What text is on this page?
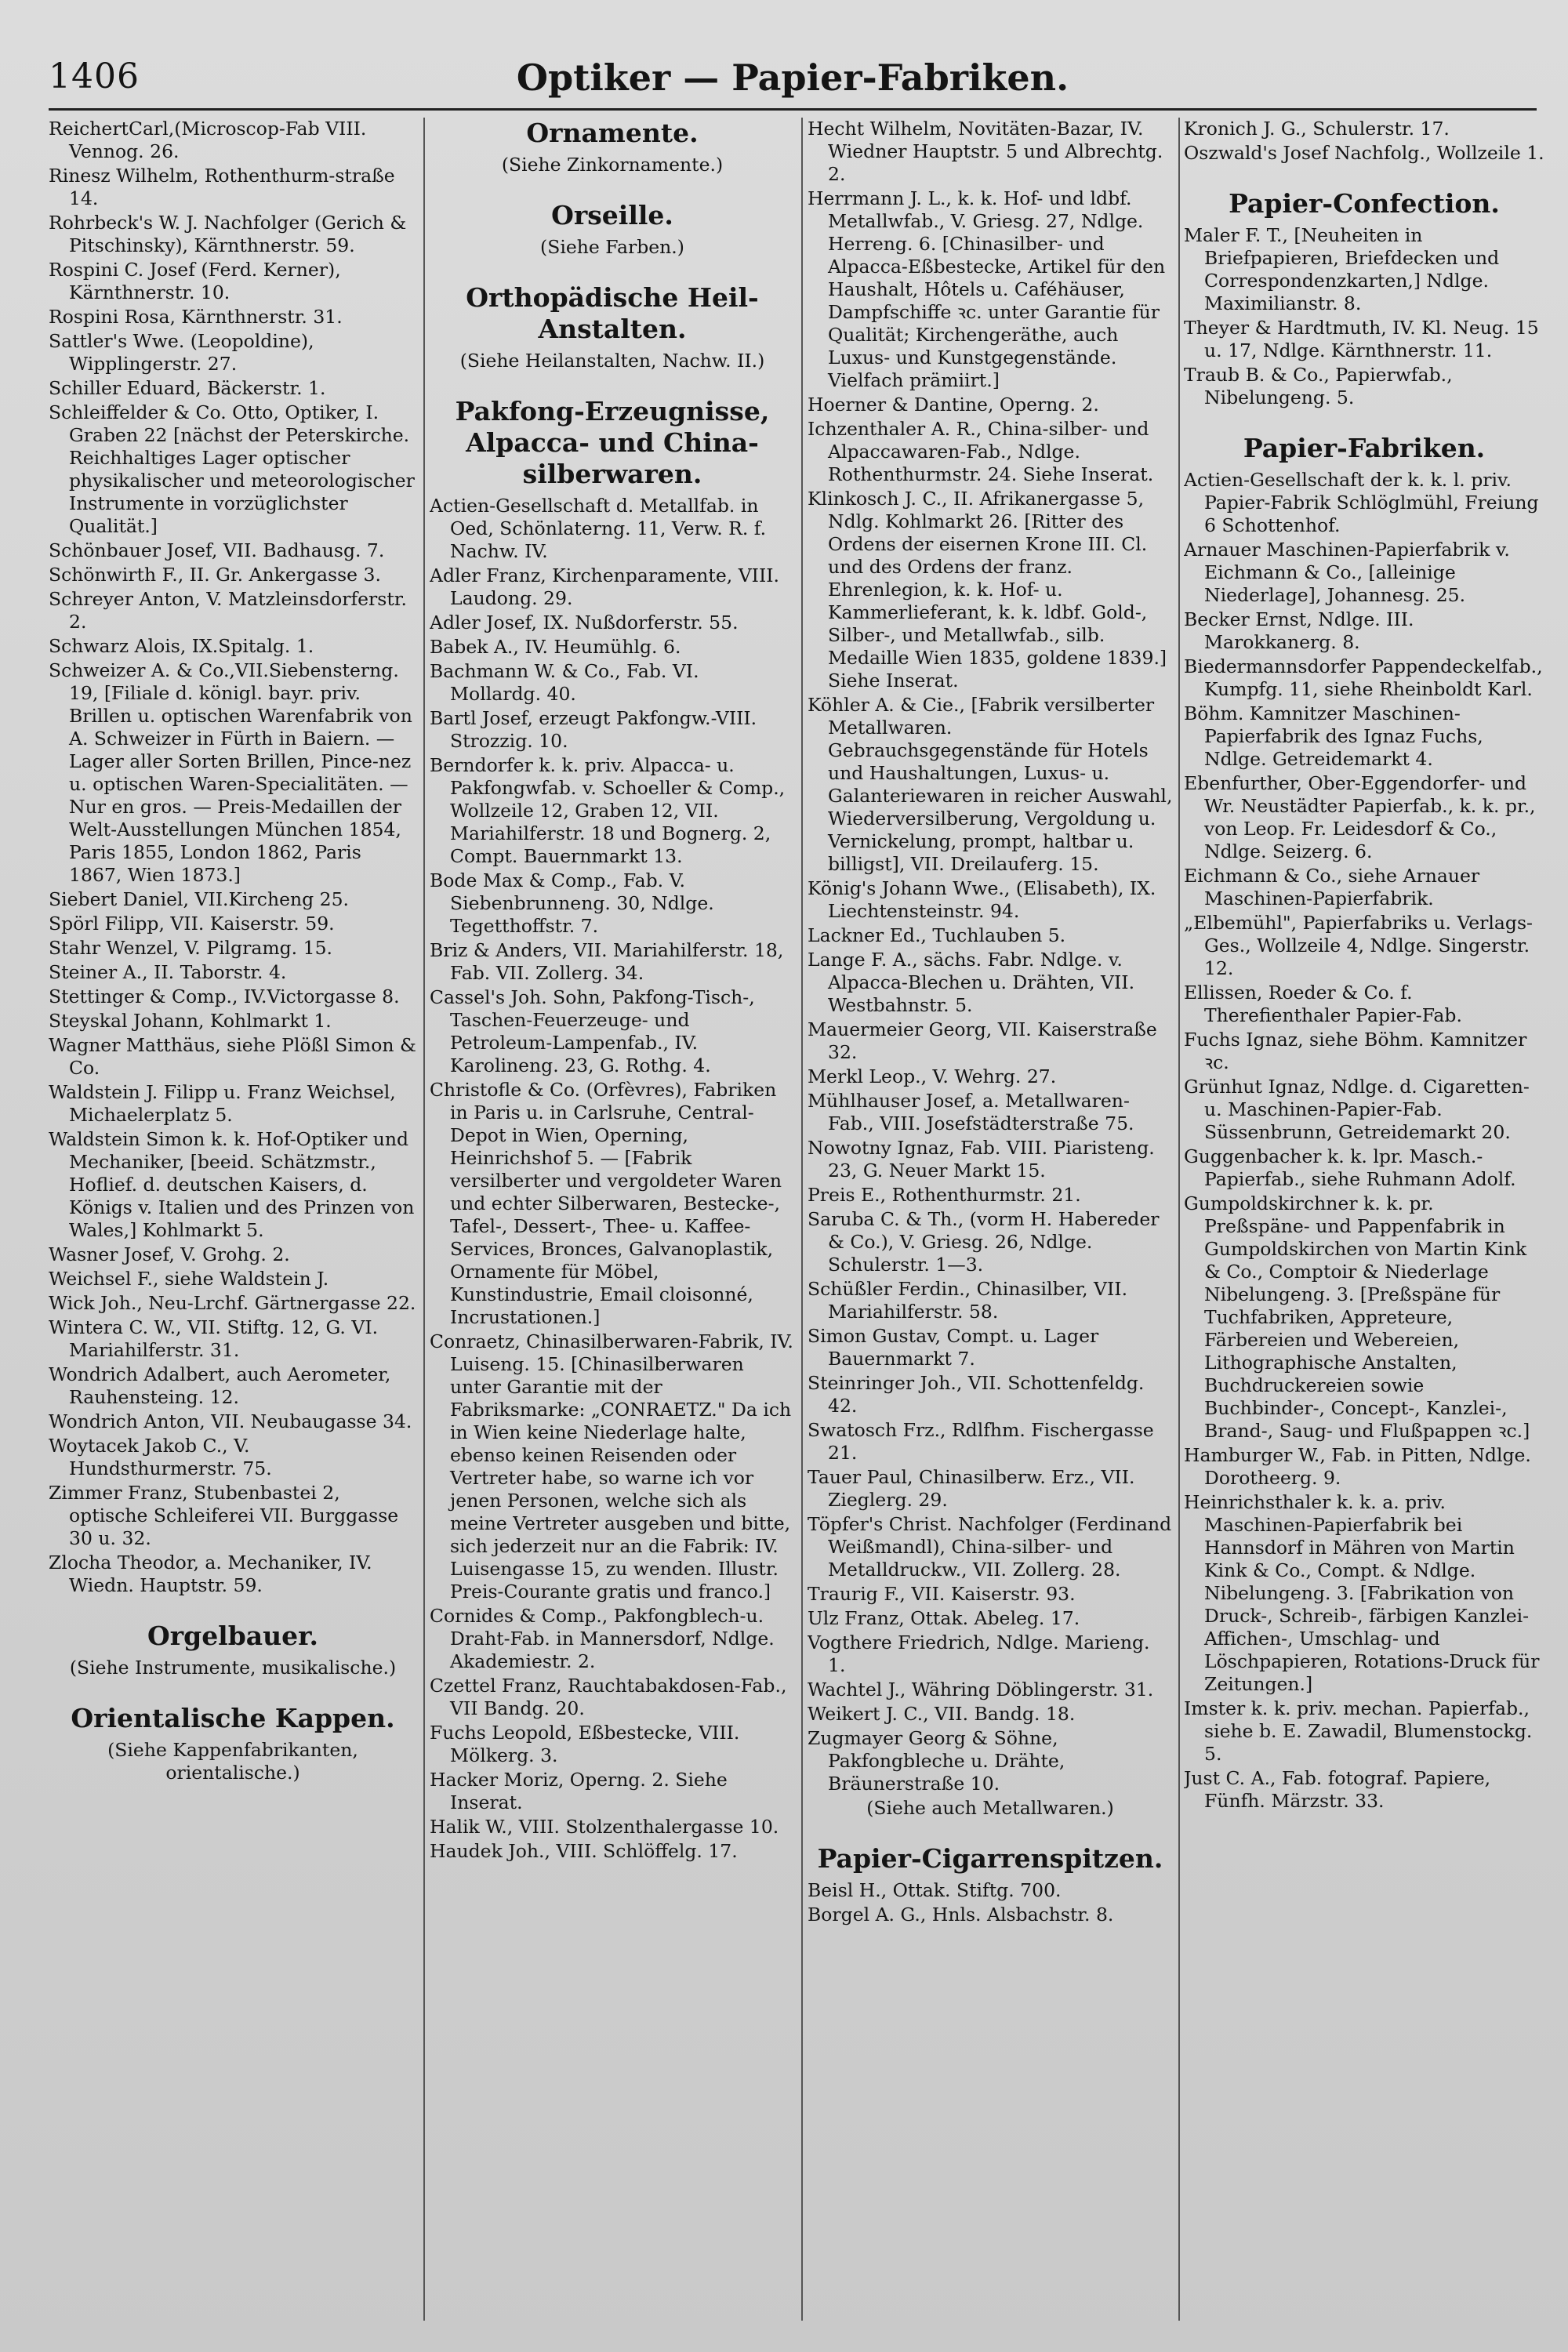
1406	Optiker — Papier-Fabriken.
ReichertCarl,(Microscop-Fab VIII. Vennog. 26.
Rinesz Wilhelm, Rothenthurm-straße 14.
Rohrbeck's W. J. Nachfolger (Gerich & Pitschinsky), Kärnthnerstr. 59.
Rospini C. Josef (Ferd. Kerner), Kärnthnerstr. 10.
Rospini Rosa, Kärnthnerstr. 31.
Sattler's Wwe. (Leopoldine), Wipplingerstr. 27.
Schiller Eduard, Bäckerstr. 1.
Schleiffelder & Co. Otto, Optiker, I. Graben 22 [nächst der Peterskirche. Reichhaltiges Lager optischer physikalischer und meteorologischer Instrumente in vorzüglichster Qualität.]
Schönbauer Josef, VII. Badhausg. 7.
Schönwirth F., II. Gr. Ankergasse 3.
Schreyer Anton, V. Matzleinsdorferstr. 2.
Schwarz Alois, IX.Spitalg. 1.
Schweizer A. & Co.,VII.Siebensterng. 19, [Filiale d. königl. bayr. priv. Brillen u. optischen Warenfabrik von A. Schweizer in Fürth in Baiern. — Lager aller Sorten Brillen, Pince-nez u. optischen Waren-Specialitäten. — Nur en gros. — Preis-Medaillen der Welt-Ausstellungen München 1854, Paris 1855, London 1862, Paris 1867, Wien 1873.]
Siebert Daniel, VII.Kircheng 25.
Spörl Filipp, VII. Kaiserstr. 59.
Stahr Wenzel, V. Pilgramg. 15.
Steiner A., II. Taborstr. 4.
Stettinger & Comp., IV.Victorgasse 8.
Steyskal Johann, Kohlmarkt 1.
Wagner Matthäus, siehe Plößl Simon & Co.
Waldstein J. Filipp u. Franz Weichsel, Michaelerplatz 5.
Waldstein Simon k. k. Hof-Optiker und Mechaniker, [beeid. Schätzmstr., Hoflief. d. deutschen Kaisers, d. Königs v. Italien und des Prinzen von Wales,] Kohlmarkt 5.
Wasner Josef, V. Grohg. 2.
Weichsel F., siehe Waldstein J.
Wick Joh., Neu-Lrchf. Gärtnergasse 22.
Wintera C. W., VII. Stiftg. 12, G. VI. Mariahilferstr. 31.
Wondrich Adalbert, auch Aerometer, Rauhensteing. 12.
Wondrich Anton, VII. Neubaugasse 34.
Woytacek Jakob C., V. Hundsthurmerstr. 75.
Zimmer Franz, Stubenbastei 2, optische Schleiferei VII. Burggasse 30 u. 32.
Zlocha Theodor, a. Mechaniker, IV. Wiedn. Hauptstr. 59.
Orgelbauer.
(Siehe Instrumente, musikalische.)
Orientalische Kappen.
(Siehe Kappenfabrikanten, orientalische.)
Ornamente.
(Siehe Zinkornamente.)
Orseille.
(Siehe Farben.)
Orthopädische Heil-Anstalten.
(Siehe Heilanstalten, Nachw. II.)
Pakfong-Erzeugnisse, Alpacca- und China-silberwaren.
Actien-Gesellschaft d. Metallfab. in Oed, Schönlaterng. 11, Verw. R. f. Nachw. IV.
Adler Franz, Kirchenparamente, VIII. Laudong. 29.
Adler Josef, IX. Nußdorferstr. 55.
Babek A., IV. Heumühlg. 6.
Bachmann W. & Co., Fab. VI. Mollardg. 40.
Bartl Josef, erzeugt Pakfongw.-VIII. Strozzig. 10.
Berndorfer k. k. priv. Alpacca- u. Pakfongwfab. v. Schoeller & Comp., Wollzeile 12, Graben 12, VII. Mariahilferstr. 18 und Bognerg. 2, Compt. Bauernmarkt 13.
Bode Max & Comp., Fab. V. Siebenbrunneng. 30, Ndlge. Tegetthoffstr. 7.
Briz & Anders, VII. Mariahilferstr. 18, Fab. VII. Zollerg. 34.
Cassel's Joh. Sohn, Pakfong-Tisch-, Taschen-Feuerzeuge- und Petroleum-Lampenfab., IV. Karolineng. 23, G. Rothg. 4.
Christofle & Co. (Orfèvres), Fabriken in Paris u. in Carlsruhe, Central-Depot in Wien, Operning, Heinrichshof 5. — [Fabrik versilberter und vergoldeter Waren und echter Silberwaren, Bestecke-, Tafel-, Dessert-, Thee- u. Kaffee-Services, Bronces, Galvanoplastik, Ornamente für Möbel, Kunstindustrie, Email cloisonné, Incrustationen.]
Conraetz, Chinasilberwaren-Fabrik, IV. Luiseng. 15. [Chinasilberwaren unter Garantie mit der Fabriksmarke: „CONRAETZ." Da ich in Wien keine Niederlage halte, ebenso keinen Reisenden oder Vertreter habe, so warne ich vor jenen Personen, welche sich als meine Vertreter ausgeben und bitte, sich jederzeit nur an die Fabrik: IV. Luisengasse 15, zu wenden. Illustr. Preis-Courante gratis und franco.]
Cornides & Comp., Pakfongblech-u. Draht-Fab. in Mannersdorf, Ndlge. Akademiestr. 2.
Czettel Franz, Rauchtabakdosen-Fab., VII Bandg. 20.
Fuchs Leopold, Eßbestecke, VIII. Mölkerg. 3.
Hacker Moriz, Operng. 2. Siehe Inserat.
Halik W., VIII. Stolzenthalergasse 10.
Haudek Joh., VIII. Schlöffelg. 17.
Hecht Wilhelm, Novitäten-Bazar, IV. Wiedner Hauptstr. 5 und Albrechtg. 2.
Herrmann J. L., k. k. Hof- und ldbf. Metallwfab., V. Griesg. 27, Ndlge. Herreng. 6. [Chinasilber- und Alpacca-Eßbestecke, Artikel für den Haushalt, Hôtels u. Caféhäuser, Dampfschiffe ꝛc. unter Garantie für Qualität; Kirchengeräthe, auch Luxus- und Kunstgegenstände. Vielfach prämiirt.]
Hoerner & Dantine, Operng. 2.
Ichzenthaler A. R., China-silber- und Alpaccawaren-Fab., Ndlge. Rothenthurmstr. 24. Siehe Inserat.
Klinkosch J. C., II. Afrikanergasse 5, Ndlg. Kohlmarkt 26. [Ritter des Ordens der eisernen Krone III. Cl. und des Ordens der franz. Ehrenlegion, k. k. Hof- u. Kammerlieferant, k. k. ldbf. Gold-, Silber-, und Metallwfab., silb. Medaille Wien 1835, goldene 1839.] Siehe Inserat.
Köhler A. & Cie., [Fabrik versilberter Metallwaren. Gebrauchsgegenstände für Hotels und Haushaltungen, Luxus- u. Galanteriewaren in reicher Auswahl, Wiederversilberung, Vergoldung u. Vernickelung, prompt, haltbar u. billigst], VII. Dreilauferg. 15.
König's Johann Wwe., (Elisabeth), IX. Liechtensteinstr. 94.
Lackner Ed., Tuchlauben 5.
Lange F. A., sächs. Fabr. Ndlge. v. Alpacca-Blechen u. Drähten, VII. Westbahnstr. 5.
Mauermeier Georg, VII. Kaiserstraße 32.
Merkl Leop., V. Wehrg. 27.
Mühlhauser Josef, a. Metallwaren-Fab., VIII. Josefstädterstraße 75.
Nowotny Ignaz, Fab. VIII. Piaristeng. 23, G. Neuer Markt 15.
Preis E., Rothenthurmstr. 21.
Saruba C. & Th., (vorm H. Habereder & Co.), V. Griesg. 26, Ndlge. Schulerstr. 1—3.
Schüßler Ferdin., Chinasilber, VII. Mariahilferstr. 58.
Simon Gustav, Compt. u. Lager Bauernmarkt 7.
Steinringer Joh., VII. Schottenfeldg. 42.
Swatosch Frz., Rdlfhm. Fischergasse 21.
Tauer Paul, Chinasilberw. Erz., VII. Zieglerg. 29.
Töpfer's Christ. Nachfolger (Ferdinand Weißmandl), China-silber- und Metalldruckw., VII. Zollerg. 28.
Traurig F., VII. Kaiserstr. 93.
Ulz Franz, Ottak. Abeleg. 17.
Vogthere Friedrich, Ndlge. Marieng. 1.
Wachtel J., Währing Döblingerstr. 31.
Weikert J. C., VII. Bandg. 18.
Zugmayer Georg & Söhne, Pakfongbleche u. Drähte, Bräunerstraße 10.
(Siehe auch Metallwaren.)
Papier-Cigarrenspitzen.
Beisl H., Ottak. Stiftg. 700.
Borgel A. G., Hnls. Alsbachstr. 8.
Kronich J. G., Schulerstr. 17.
Oszwald's Josef Nachfolg., Wollzeile 1.
Papier-Confection.
Maler F. T., [Neuheiten in Briefpapieren, Briefdecken und Correspondenzkarten,] Ndlge. Maximilianstr. 8.
Theyer & Hardtmuth, IV. Kl. Neug. 15 u. 17, Ndlge. Kärnthnerstr. 11.
Traub B. & Co., Papierwfab., Nibelungeng. 5.
Papier-Fabriken.
Actien-Gesellschaft der k. k. l. priv. Papier-Fabrik Schlöglmühl, Freiung 6 Schottenhof.
Arnauer Maschinen-Papierfabrik v. Eichmann & Co., [alleinige Niederlage], Johannesg. 25.
Becker Ernst, Ndlge. III. Marokkanerg. 8.
Biedermannsdorfer Pappendeckelfab., Kumpfg. 11, siehe Rheinboldt Karl.
Böhm. Kamnitzer Maschinen-Papierfabrik des Ignaz Fuchs, Ndlge. Getreidemarkt 4.
Ebenfurther, Ober-Eggendorfer- und Wr. Neustädter Papierfab., k. k. pr., von Leop. Fr. Leidesdorf & Co., Ndlge. Seizerg. 6.
Eichmann & Co., siehe Arnauer Maschinen-Papierfabrik.
„Elbemühl", Papierfabriks u. Verlags-Ges., Wollzeile 4, Ndlge. Singerstr. 12.
Ellissen, Roeder & Co. f. Therefienthaler Papier-Fab.
Fuchs Ignaz, siehe Böhm. Kamnitzer ꝛc.
Grünhut Ignaz, Ndlge. d. Cigaretten- u. Maschinen-Papier-Fab. Süssenbrunn, Getreidemarkt 20.
Guggenbacher k. k. lpr. Masch.-Papierfab., siehe Ruhmann Adolf.
Gumpoldskirchner k. k. pr. Preßspäne- und Pappenfabrik in Gumpoldskirchen von Martin Kink & Co., Comptoir & Niederlage Nibelungeng. 3. [Preßspäne für Tuchfabriken, Appreteure, Färbereien und Webereien, Lithographische Anstalten, Buchdruckereien sowie Buchbinder-, Concept-, Kanzlei-, Brand-, Saug- und Flußpappen ꝛc.]
Hamburger W., Fab. in Pitten, Ndlge. Dorotheerg. 9.
Heinrichsthaler k. k. a. priv. Maschinen-Papierfabrik bei Hannsdorf in Mähren von Martin Kink & Co., Compt. & Ndlge. Nibelungeng. 3. [Fabrikation von Druck-, Schreib-, färbigen Kanzlei-Affichen-, Umschlag- und Löschpapieren, Rotations-Druck für Zeitungen.]
Imster k. k. priv. mechan. Papierfab., siehe b. E. Zawadil, Blumenstockg. 5.
Just C. A., Fab. fotograf. Papiere, Fünfh. Märzstr. 33.
